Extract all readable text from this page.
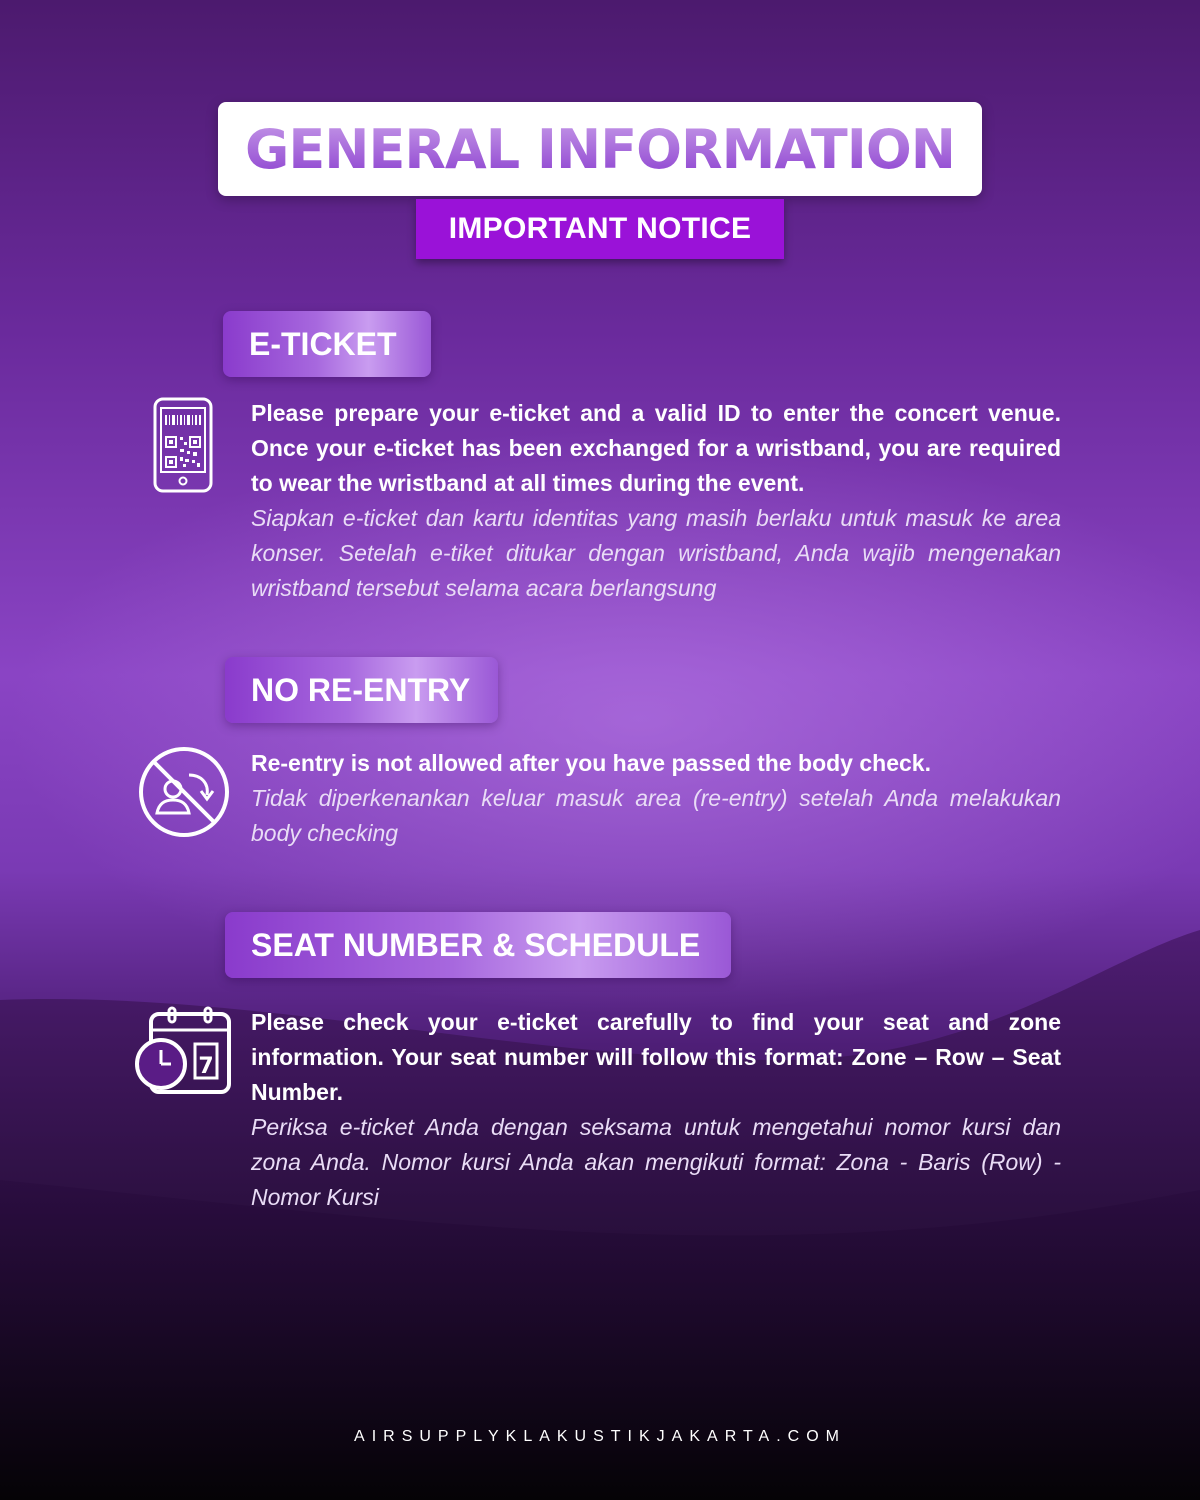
GENERAL INFORMATION
IMPORTANT NOTICE
E-TICKET
Please prepare your e-ticket and a valid ID to enter the concert venue. Once your e-ticket has been exchanged for a wristband, you are required to wear the wristband at all times during the event.
Siapkan e-ticket dan kartu identitas yang masih berlaku untuk masuk ke area konser. Setelah e-tiket ditukar dengan wristband, Anda wajib mengenakan wristband tersebut selama acara berlangsung
NO RE-ENTRY
Re-entry is not allowed after you have passed the body check.
Tidak diperkenankan keluar masuk area (re-entry) setelah Anda melakukan body checking
SEAT NUMBER & SCHEDULE
7
Please check your e-ticket carefully to find your seat and zone information. Your seat number will follow this format: Zone – Row – Seat Number.
Periksa e-ticket Anda dengan seksama untuk mengetahui nomor kursi dan zona Anda. Nomor kursi Anda akan mengikuti format: Zona - Baris (Row) - Nomor Kursi
AIRSUPPLYKLAKUSTIKJAKARTA.COM
